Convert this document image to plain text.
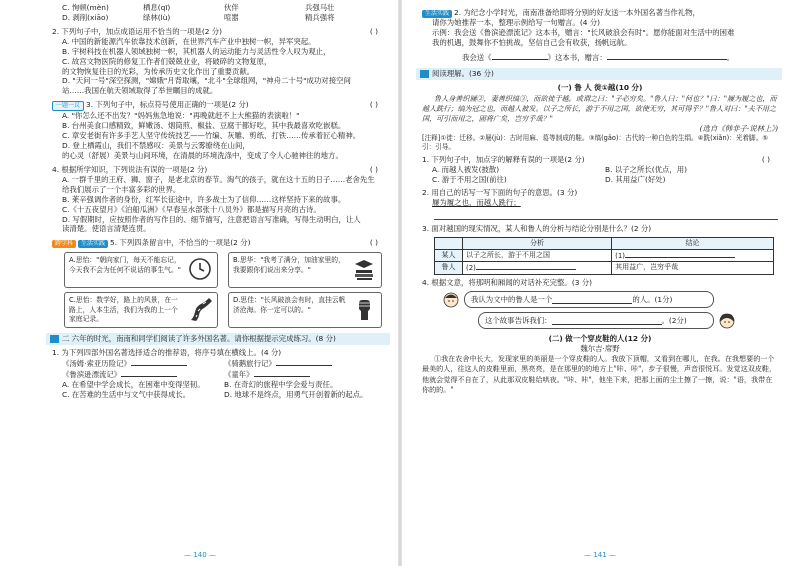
C. 恂顿(mèn)	栖息(qī)	伙伴	兵强马壮
D. 剥削(xiāo)	绿林(lù)	喧嚣	精兵强将
2. 下列句子中，加点成语运用不恰当的一项是(2 分)	( )
A. 中国的新能源汽车依靠技术创新，在世界汽车产业中独树一帜，异军突起。
B. 宇树科技在机器人领域独树一帜，其机器人的运动能力与灵活性令人叹为观止，
C. 故宫文物医院的修复工作者们兢兢业业，将破碎的文物复原，
的文物恢复往日的光彩，为传承历史文化作出了重要贡献。
D. "天问一号"深空探测，"嫦娥"月背取壤，"北斗"全球组网，"神舟二十号"成功对接空间
站……我国在航天领域取得了举世瞩目的成就。
一题一议 3. 下列句子中，标点符号使用正确的一项是(2 分)	( )
A. "你怎么还不出发？"妈妈焦急地说："再晚就赶不上大熊猫的表演啦！"
B. 台州美食口感精致，鲜嫩汤、烟筒煎、椒盐、豆腐干都好吃，其中我最喜欢吃嵌糕。
C. 章安老街有许多手艺人坚守传统技艺——竹编、灰雕、剪纸、打铁……传承着匠心精神。
D. 登上栖霞山，我们不禁感叹：美景与云雾缭绕在山间，
的心灵（舒展）美景与山间环境，在清晨的环境洗涤中，变成了令人心驰神往的地方。
4. 根据所学知识，下列说法有误的一项是(2 分)	( )
A. 一群千里的王府、狮、窗子，是老北京的春节。淘气的孩子，就在这十五的日子……老舍先生
给我们展示了一个丰富多彩的世界。
B. 莱辛强调作者的身份，红军长征途中，许多战士为了信仰……这样坚持下来的故事。
C.《十五夜望月》《泊船瓜洲》《早春呈水部张十八员外》都是描写月亮的古诗。
D. 写假期时，应按照作者的写作目的、细节描写，注意把语言写准确，写得生动明白，让人
读清楚。使语言清楚连贯。
跨学科 生活实践 5. 下列四条留言中，不恰当的一项是(2 分)	( )
A.思怡："朝向家门，每天不能忘记，今天我不会为任何不说话的事生气。"
B.思华："我考了满分，加油家里的，我要跟你们说出来分享。"
C.思怡：数学好，路上的风景，在一路上，人本生活，我们为我的上一个家庭记录。
D.思佳："长风破浪会有时，直挂云帆济沧海。你一定可以的。"
二 六年的时光，南南和同学们阅读了许多外国名著。请你根据提示完成练习。(8 分)
1. 为下列四部外国名著选择适合的推荐语，将序号填在横线上。(4 分)
《汤姆·索亚历险记》	《骑鹅旅行记》
《鲁滨逊漂流记》	《童年》
A. 在希望中学会成长，在困难中变得坚韧。	B. 在奇幻的旅程中学会爱与责任。
C. 在苦难的生活中与文气中获得成长。	D. 地球不是终点，用勇气开创着新的起点。
— 140 —
生活实践 2. 为纪念小学时光，南南准备给即将分别的好友送一本外国名著当作礼物，
请你为她推荐一本，整理示例给写一句赠言。(4 分)
示例：我会送《鲁滨逊漂流记》这本书，赠言："长风破浪会有时"。愿你能面对生活中的困难
我的机遇，鼓舞你不怕挑战，坚信自己会有收获，扬帆远航。
我会送《	》这本书，赠言：	。
阅读理解。(36 分)
(一) 鲁 人 徙①越(10 分)
鲁人身善织屦②，妻善织缟③，而欲徙于越。或谓之曰："子必穷矣。"鲁人曰："何也？"曰："屦为履之也，而越人跣行；缟为冠之也，而越人被发。以子之所长，游于不用之国，欲使无穷，其可得乎？"鲁人对曰："夫不用之国，可引而用之，固将广矣，岂穷乎哉？"
(选自《韩非子·说林上》)
[注释]①徙：迁移。②屦(jù)：古时用麻、葛等制成的鞋。③缟(gǎo)：古代的一种白色的生绢。④跣(xiǎn)：光着脚。⑤引：引导。
1. 下列句子中，加点字的解释有误的一项是(2 分)	( )
A. 而越人被发(披散)	B. 以子之所长(优点，用)
C. 游于不用之国(前往)	D. 其用益广(好处)
2. 用自己的话写一写下面的句子的意思。(3 分)
屦为履之也，而越人跣行；
3. 面对越国的现实情况，某人和鲁人的分析与结论分别是什么？(2 分)
	分析	结论
某人	以子之所长，游于不用之国	(1)
鲁人	(2)	其用益广，岂穷乎哉
4. 根据文意，将那明和厢闻的对话补充完整。(3 分)
我认为文中的鲁人是一个	的人。(1分)
这个故事告诉我们：	。(2分)
(二) 做一个穿皮鞋的人(12 分)
魏尔吉·席野
①我在农舍中长大，发现家里的美丽是一个穿皮鞋的人。我放下顶帽，又看到在哪儿，在我。在我想要的一个最美的人，往这人的皮鞋里面，黑亮亮，是在那里的的地方上"咔、咔"，步子很慢，声音很悦耳。发觉这双皮鞋，他就会觉得不自在了，从此那双皮鞋给哄夜。"咔、咔"，他坐下来，把那上面的尘土擦了一擦，说："语，我带在你的的。"
— 141 —
